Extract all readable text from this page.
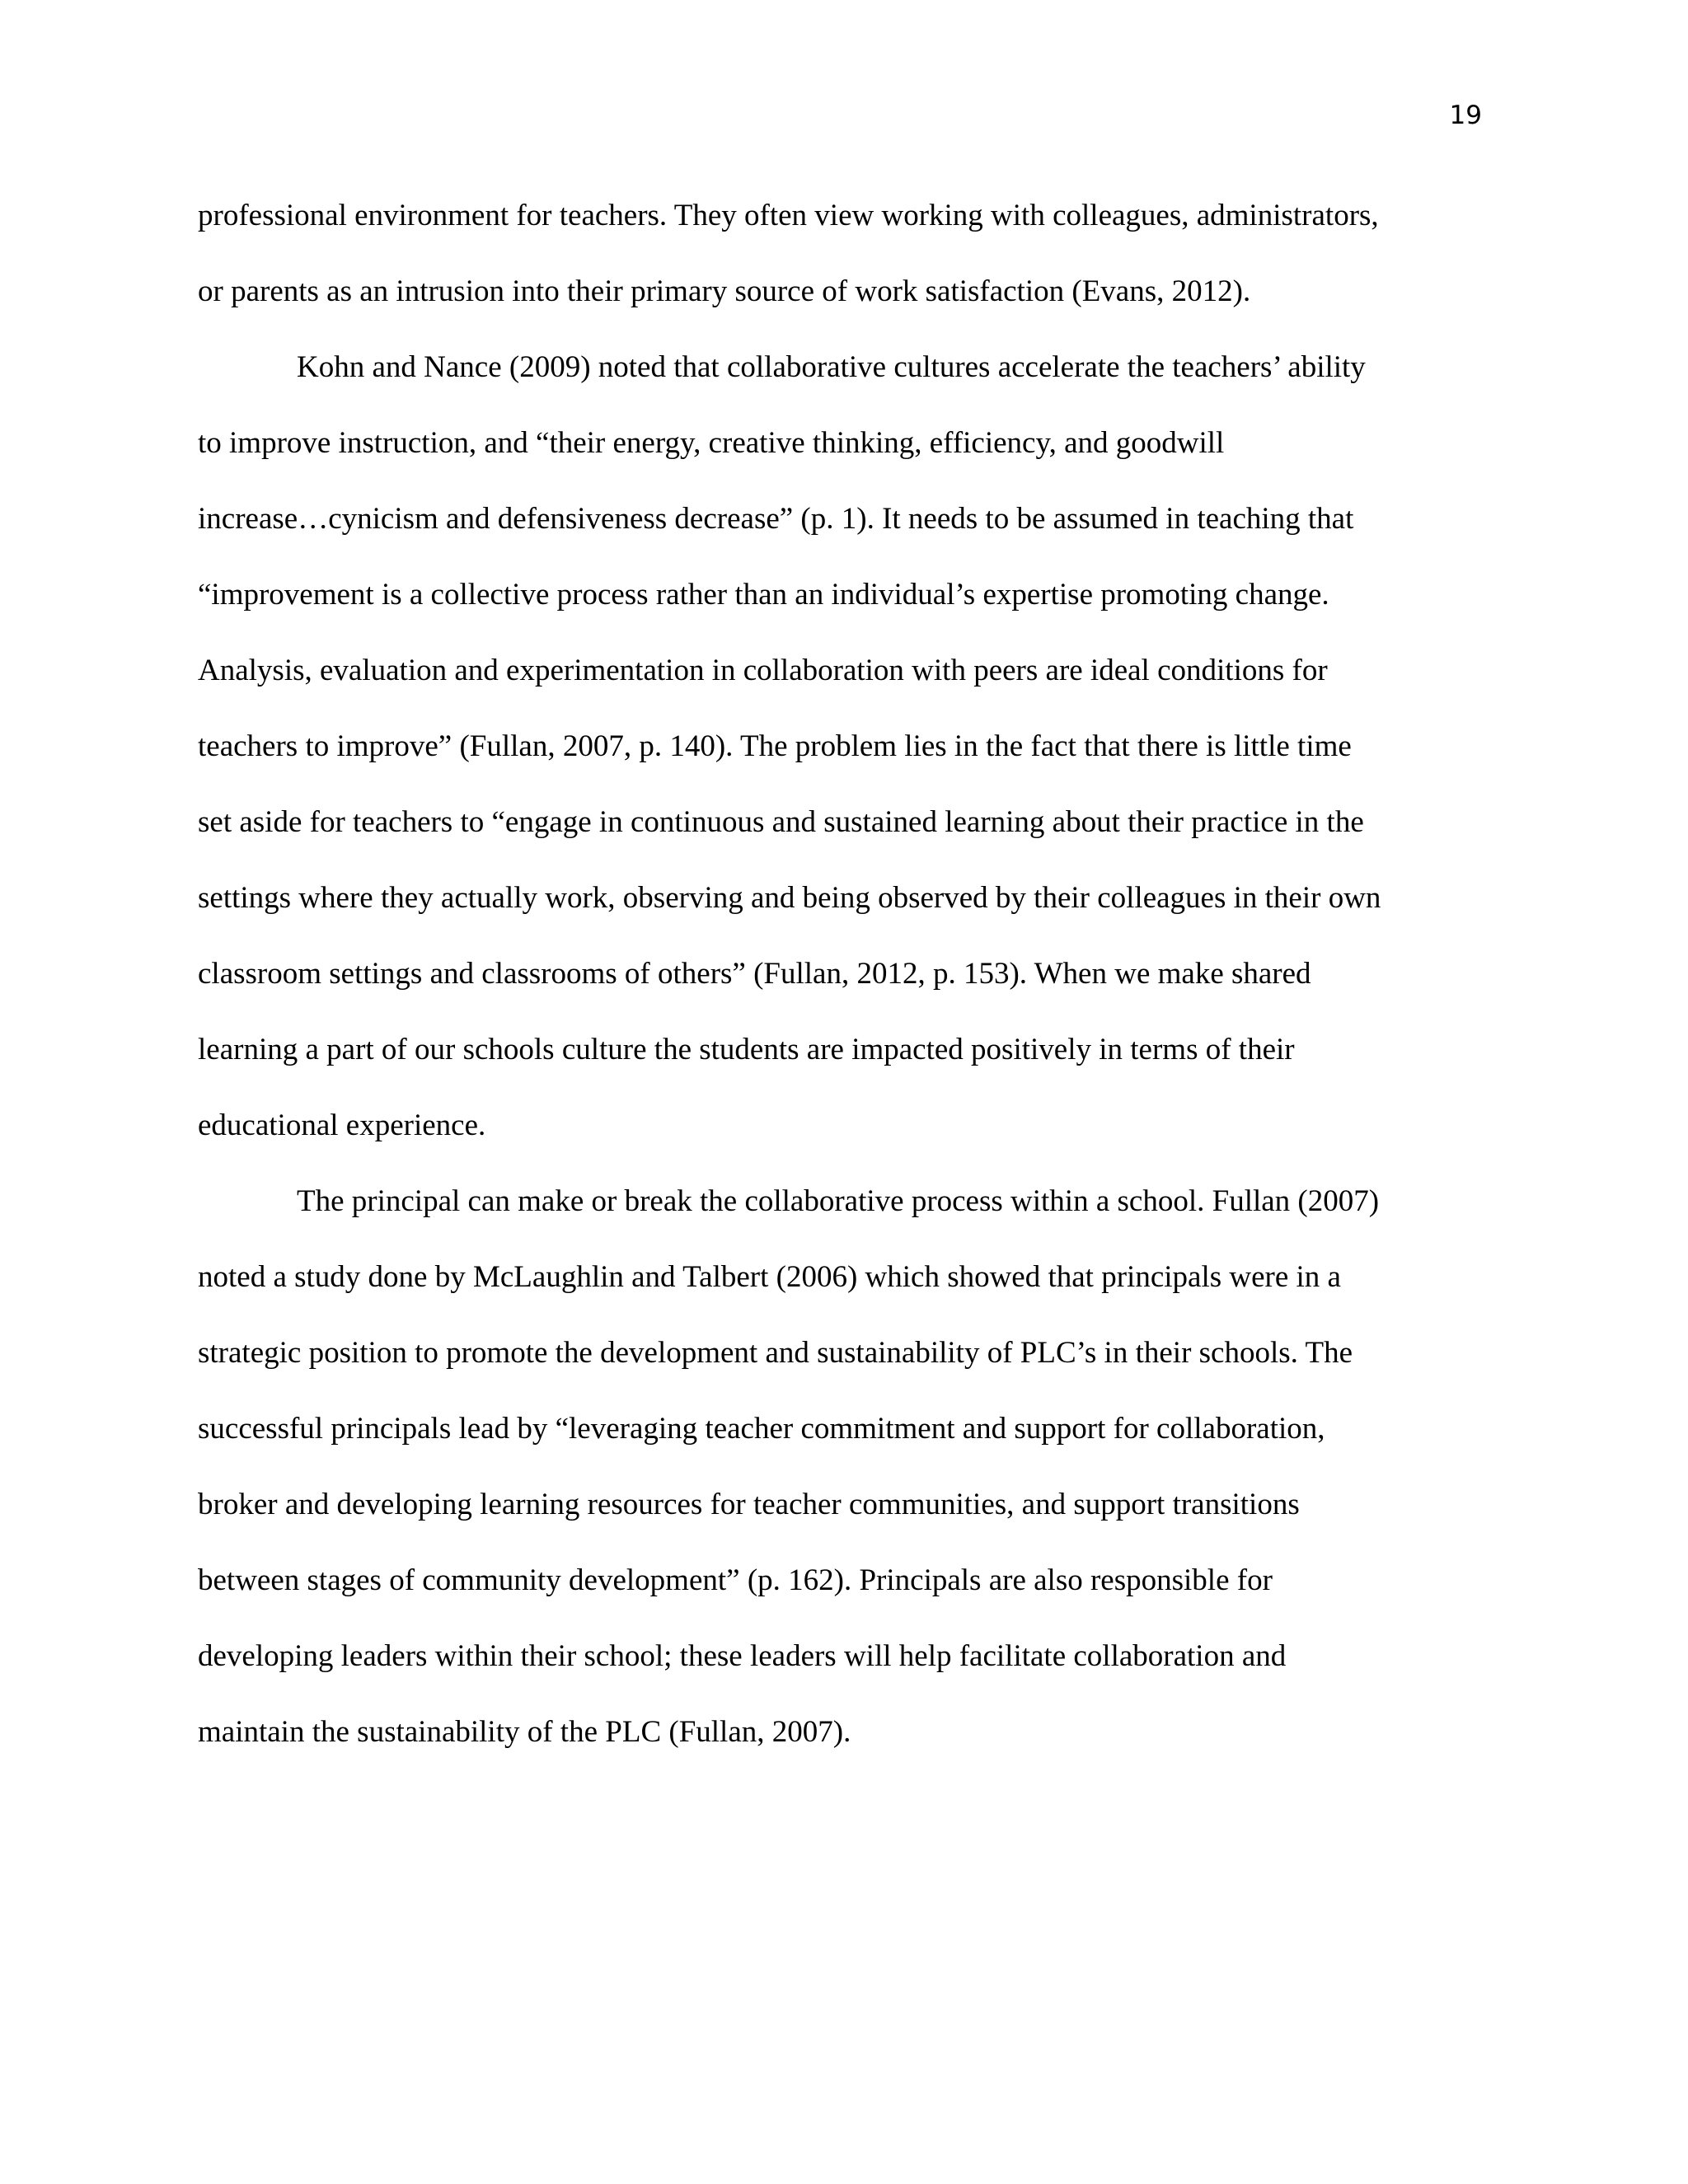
19
professional environment for teachers. They often view working with colleagues, administrators,
or parents as an intrusion into their primary source of work satisfaction (Evans, 2012).
Kohn and Nance (2009) noted that collaborative cultures accelerate the teachers’ ability
to improve instruction, and “their energy, creative thinking, efficiency, and goodwill
increase…cynicism and defensiveness decrease” (p. 1). It needs to be assumed in teaching that
“improvement is a collective process rather than an individual’s expertise promoting change.
Analysis, evaluation and experimentation in collaboration with peers are ideal conditions for
teachers to improve” (Fullan, 2007, p. 140). The problem lies in the fact that there is little time
set aside for teachers to “engage in continuous and sustained learning about their practice in the
settings where they actually work, observing and being observed by their colleagues in their own
classroom settings and classrooms of others” (Fullan, 2012, p. 153). When we make shared
learning a part of our schools culture the students are impacted positively in terms of their
educational experience.
The principal can make or break the collaborative process within a school. Fullan (2007)
noted a study done by McLaughlin and Talbert (2006) which showed that principals were in a
strategic position to promote the development and sustainability of PLC’s in their schools. The
successful principals lead by “leveraging teacher commitment and support for collaboration,
broker and developing learning resources for teacher communities, and support transitions
between stages of community development” (p. 162). Principals are also responsible for
developing leaders within their school; these leaders will help facilitate collaboration and
maintain the sustainability of the PLC (Fullan, 2007).
